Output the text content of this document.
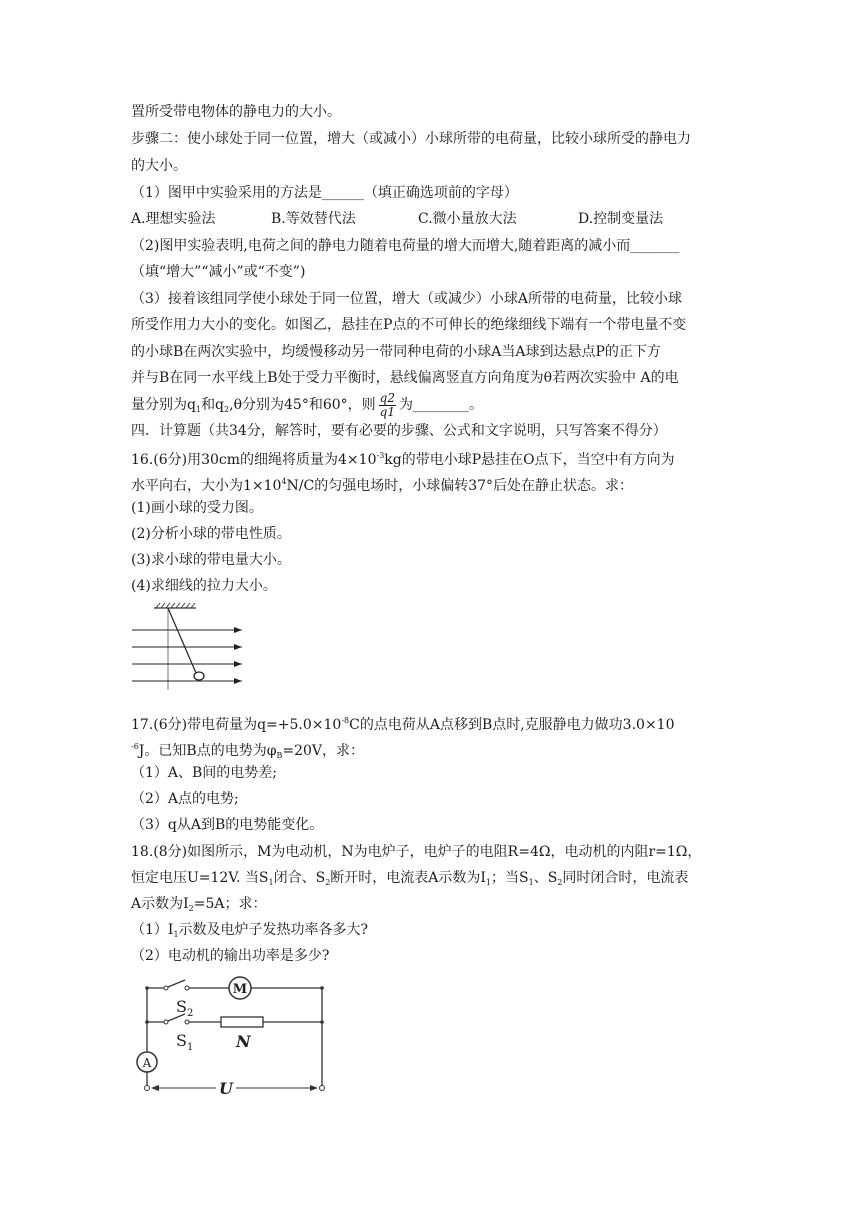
置所受带电物体的静电力的大小。
步骤二：使小球处于同一位置，增大（或减小）小球所带的电荷量，比较小球所受的静电力
的大小。
（1）图甲中实验采用的方法是______（填正确选项前的字母）
A.理想实验法	B.等效替代法	C.微小量放大法	D.控制变量法
（2)图甲实验表明,电荷之间的静电力随着电荷量的增大而增大,随着距离的减小而_______
（填“增大”“减小”或“不变”)
（3）接着该组同学使小球处于同一位置，增大（或减少）小球A所带的电荷量，比较小球
所受作用力大小的变化。如图乙，悬挂在P点的不可伸长的绝缘细线下端有一个带电量不变
的小球B在两次实验中，均缓慢移动另一带同种电荷的小球A当A球到达悬点P的正下方
并与B在同一水平线上B处于受力平衡时，悬线偏离竖直方向角度为θ若两次实验中 A的电
量分别为$q_1$和$q_2,\theta$分别为45°和60°，则 $\frac{q2}{q1}$ 为________。
四．计算题（共34分，解答时，要有必要的步骤、公式和文字说明，只写答案不得分）
16.(6分)用30cm的细绳将质量为$4\times 10^{-3}kg$的带电小球P悬挂在O点下，当空中有方向为
水平向右，大小为$1\times 10^4N/C$的匀强电场时，小球偏转37°后处在静止状态。求：
(1)画小球的受力图。
(2)分析小球的带电性质。
(3)求小球的带电量大小。
(4)求细线的拉力大小。
17.(6分)带电荷量为$q=+5.0\times 10^{-8}C$的点电荷从A点移到B点时,克服静电力做功3.0×10
$^{-6}$J。已知B点的电势为$\varphi_B=20V$，求：
（1）A、B间的电势差;
（2）A点的电势;
（3）q从A到B的电势能变化。
18.(8分)如图所示，M为电动机，N为电炉子，电炉子的电阻R=4Ω，电动机的内阻r=1Ω，
恒定电压U=12V. 当$S_1$闭合、$S_2$断开时，电流表A示数为$I_1$；当$S_1$、$S_2$同时闭合时，电流表
A示数为$I_2=5A$；求：
$(1)I_1$示数及电炉子发热功率各多大?
（2）电动机的输出功率是多少?
M
A
$S_2$
$S_1$	N
U
